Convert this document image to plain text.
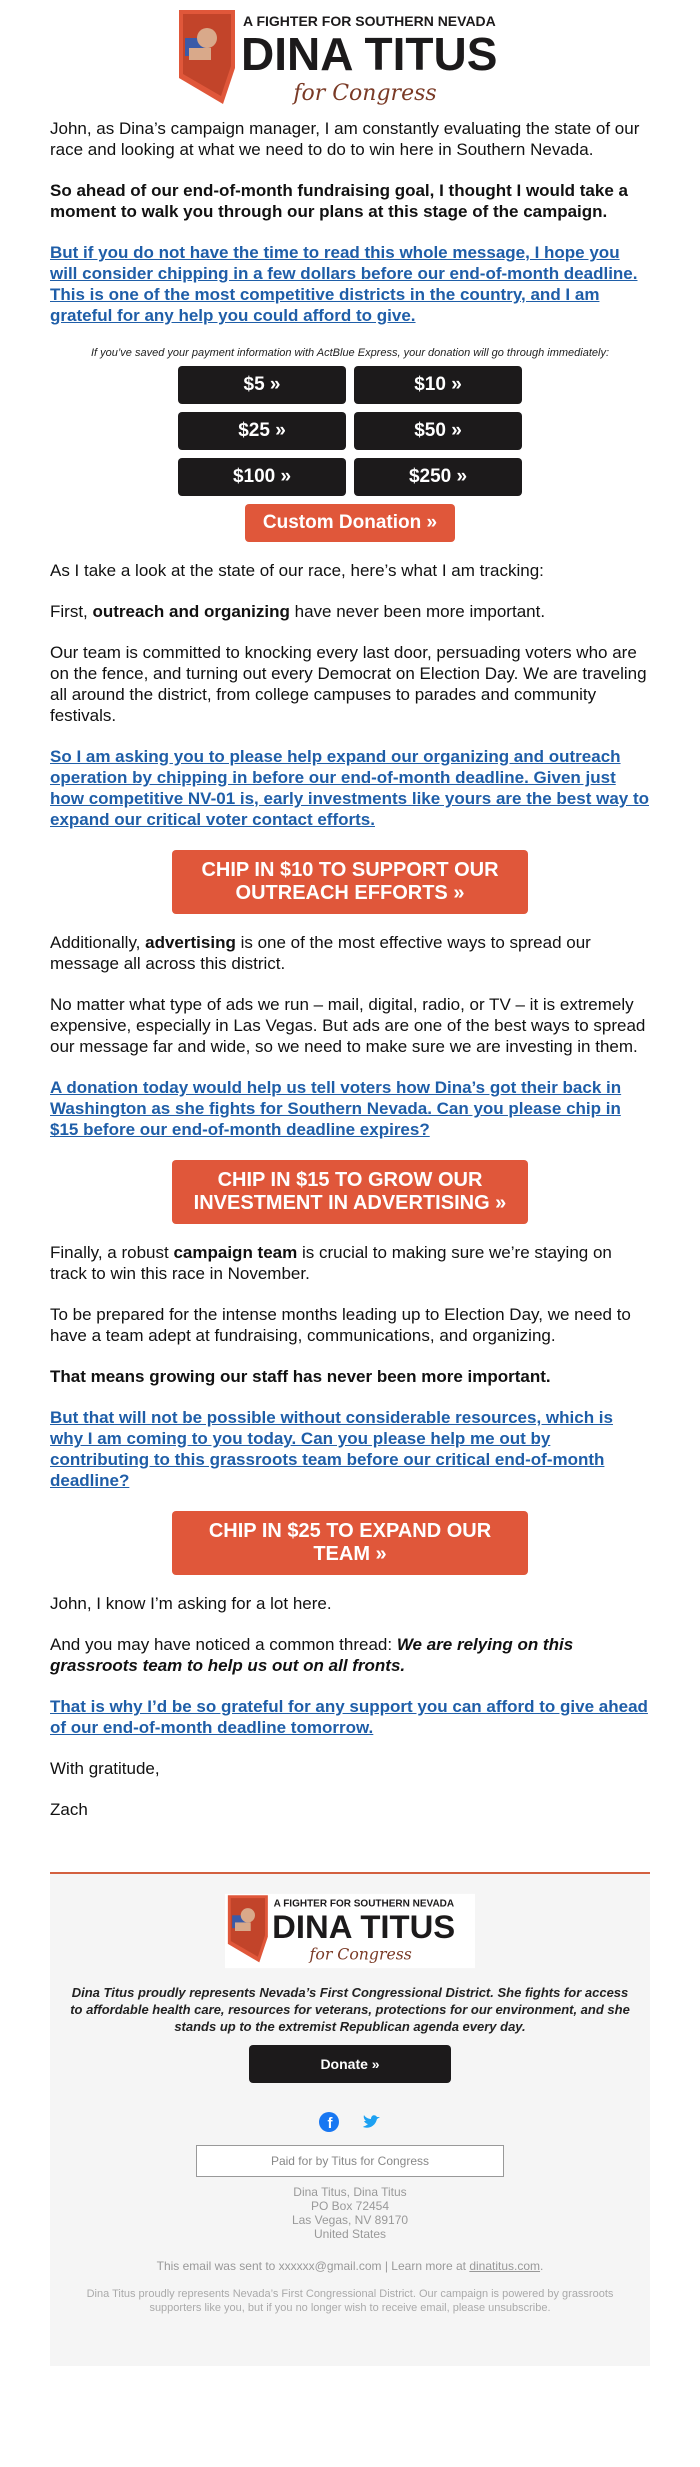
A FIGHTER FOR SOUTHERN NEVADA
DINA TITUS
for Congress

John, as Dina’s campaign manager, I am constantly evaluating the state of our race and looking at what we need to do to win here in Southern Nevada.

So ahead of our end-of-month fundraising goal, I thought I would take a moment to walk you through our plans at this stage of the campaign.

But if you do not have the time to read this whole message, I hope you will consider chipping in a few dollars before our end-of-month deadline. This is one of the most competitive districts in the country, and I am grateful for any help you could afford to give.

If you’ve saved your payment information with ActBlue Express, your donation will go through immediately:
$5 »	$10 »
$25 »	$50 »
$100 »	$250 »
Custom Donation »

As I take a look at the state of our race, here’s what I am tracking:

First, outreach and organizing have never been more important.

Our team is committed to knocking every last door, persuading voters who are on the fence, and turning out every Democrat on Election Day. We are traveling all around the district, from college campuses to parades and community festivals.

So I am asking you to please help expand our organizing and outreach operation by chipping in before our end-of-month deadline. Given just how competitive NV-01 is, early investments like yours are the best way to expand our critical voter contact efforts.

CHIP IN $10 TO SUPPORT OUR OUTREACH EFFORTS »

Additionally, advertising is one of the most effective ways to spread our message all across this district.

No matter what type of ads we run – mail, digital, radio, or TV – it is extremely expensive, especially in Las Vegas. But ads are one of the best ways to spread our message far and wide, so we need to make sure we are investing in them.

A donation today would help us tell voters how Dina’s got their back in Washington as she fights for Southern Nevada. Can you please chip in $15 before our end-of-month deadline expires?

CHIP IN $15 TO GROW OUR INVESTMENT IN ADVERTISING »

Finally, a robust campaign team is crucial to making sure we’re staying on track to win this race in November.

To be prepared for the intense months leading up to Election Day, we need to have a team adept at fundraising, communications, and organizing.

That means growing our staff has never been more important.

But that will not be possible without considerable resources, which is why I am coming to you today. Can you please help me out by contributing to this grassroots team before our critical end-of-month deadline?

CHIP IN $25 TO EXPAND OUR TEAM »

John, I know I’m asking for a lot here.

And you may have noticed a common thread: We are relying on this grassroots team to help us out on all fronts.

That is why I’d be so grateful for any support you can afford to give ahead of our end-of-month deadline tomorrow.

With gratitude,

Zach

A FIGHTER FOR SOUTHERN NEVADA
DINA TITUS
for Congress
Dina Titus proudly represents Nevada’s First Congressional District. She fights for access to affordable health care, resources for veterans, protections for our environment, and she stands up to the extremist Republican agenda every day.
Donate »
f
Paid for by Titus for Congress
Dina Titus, Dina Titus
PO Box 72454
Las Vegas, NV 89170
United States
This email was sent to xxxxxx@gmail.com | Learn more at dinatitus.com.
Dina Titus proudly represents Nevada’s First Congressional District. Our campaign is powered by grassroots supporters like you, but if you no longer wish to receive email, please unsubscribe.
